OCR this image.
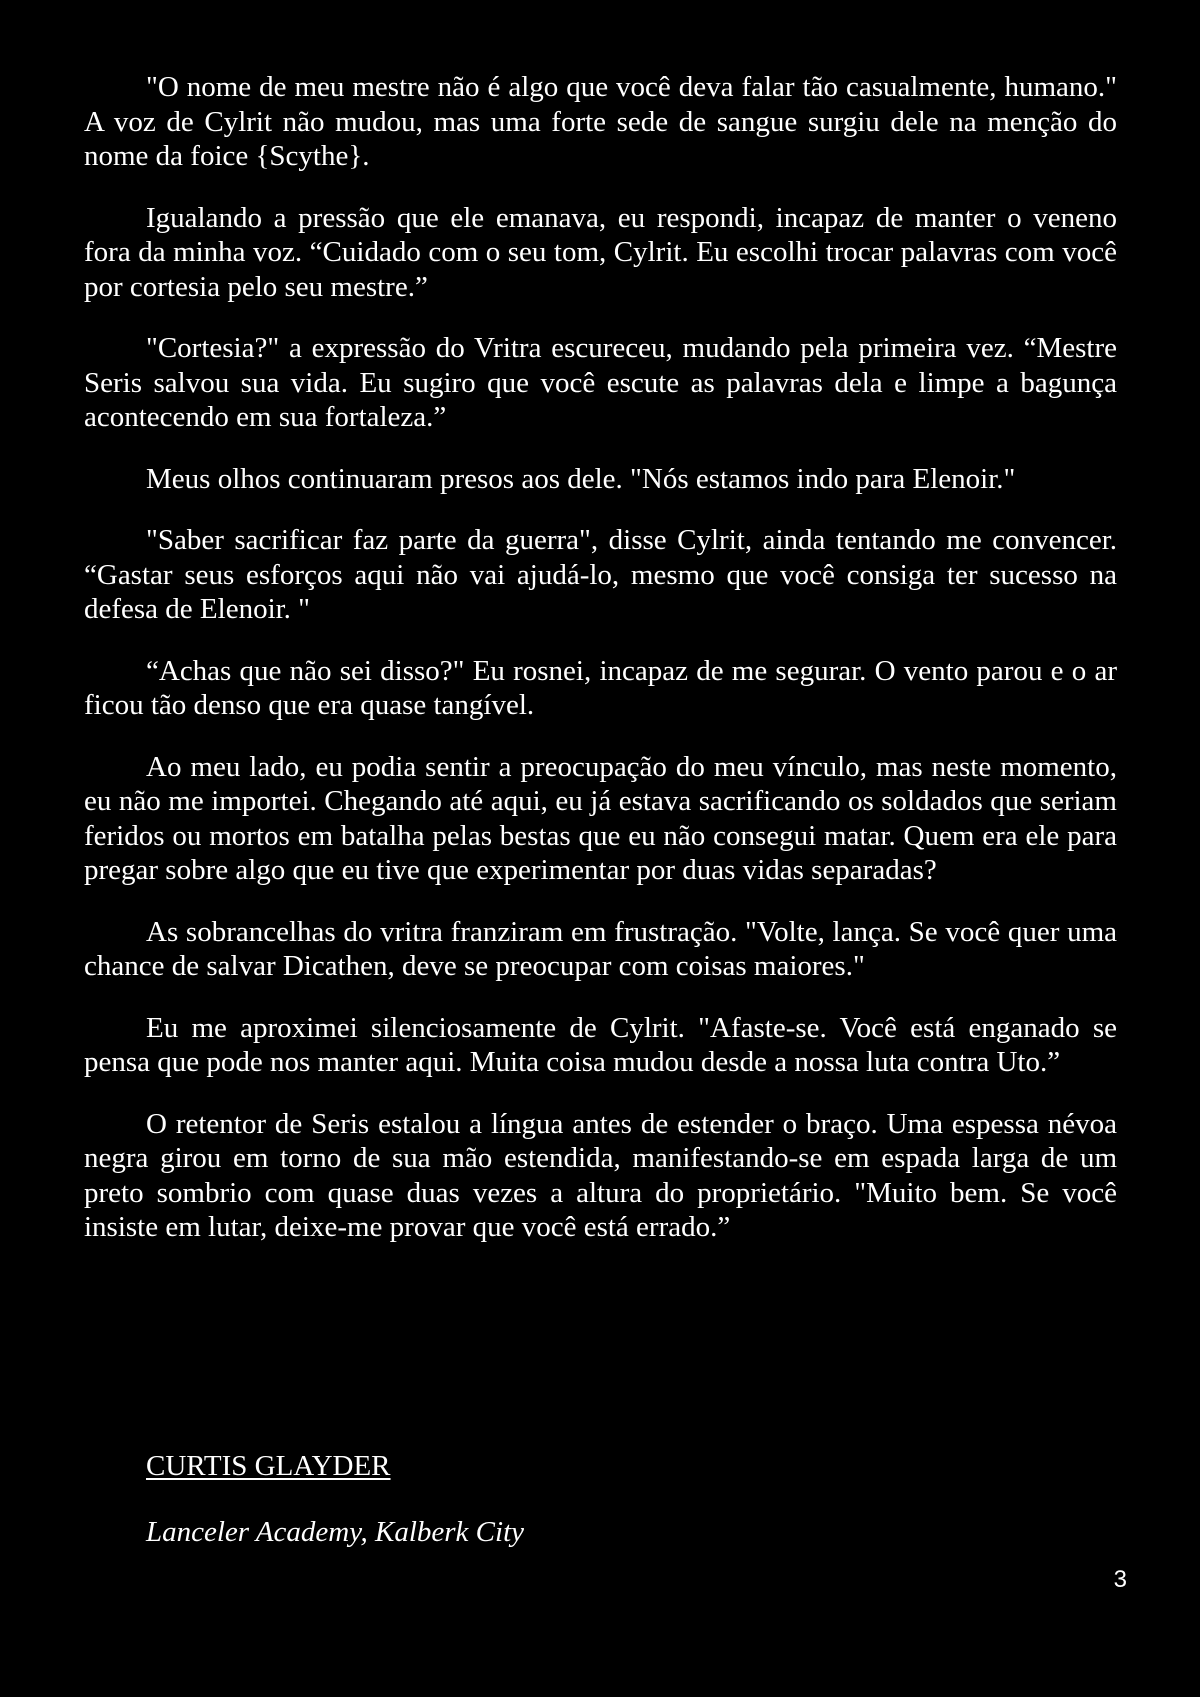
"O nome de meu mestre não é algo que você deva falar tão casualmente, humano." A voz de Cylrit não mudou, mas uma forte sede de sangue surgiu dele na menção do nome da foice {Scythe}.

Igualando a pressão que ele emanava, eu respondi, incapaz de manter o veneno fora da minha voz. “Cuidado com o seu tom, Cylrit. Eu escolhi trocar palavras com você por cortesia pelo seu mestre.”

"Cortesia?" a expressão do Vritra escureceu, mudando pela primeira vez. “Mestre Seris salvou sua vida. Eu sugiro que você escute as palavras dela e limpe a bagunça acontecendo em sua fortaleza.”

Meus olhos continuaram presos aos dele. "Nós estamos indo para Elenoir."

"Saber sacrificar faz parte da guerra", disse Cylrit, ainda tentando me convencer. “Gastar seus esforços aqui não vai ajudá-lo, mesmo que você consiga ter sucesso na defesa de Elenoir. "

“Achas que não sei disso?" Eu rosnei, incapaz de me segurar. O vento parou e o ar ficou tão denso que era quase tangível.

Ao meu lado, eu podia sentir a preocupação do meu vínculo, mas neste momento, eu não me importei. Chegando até aqui, eu já estava sacrificando os soldados que seriam feridos ou mortos em batalha pelas bestas que eu não consegui matar. Quem era ele para pregar sobre algo que eu tive que experimentar por duas vidas separadas?

As sobrancelhas do vritra franziram em frustração. "Volte, lança. Se você quer uma chance de salvar Dicathen, deve se preocupar com coisas maiores."

Eu me aproximei silenciosamente de Cylrit. "Afaste-se. Você está enganado se pensa que pode nos manter aqui. Muita coisa mudou desde a nossa luta contra Uto.”

O retentor de Seris estalou a língua antes de estender o braço. Uma espessa névoa negra girou em torno de sua mão estendida, manifestando-se em espada larga de um preto sombrio com quase duas vezes a altura do proprietário. "Muito bem. Se você insiste em lutar, deixe-me provar que você está errado.”

CURTIS GLAYDER
Lanceler Academy, Kalberk City
3
